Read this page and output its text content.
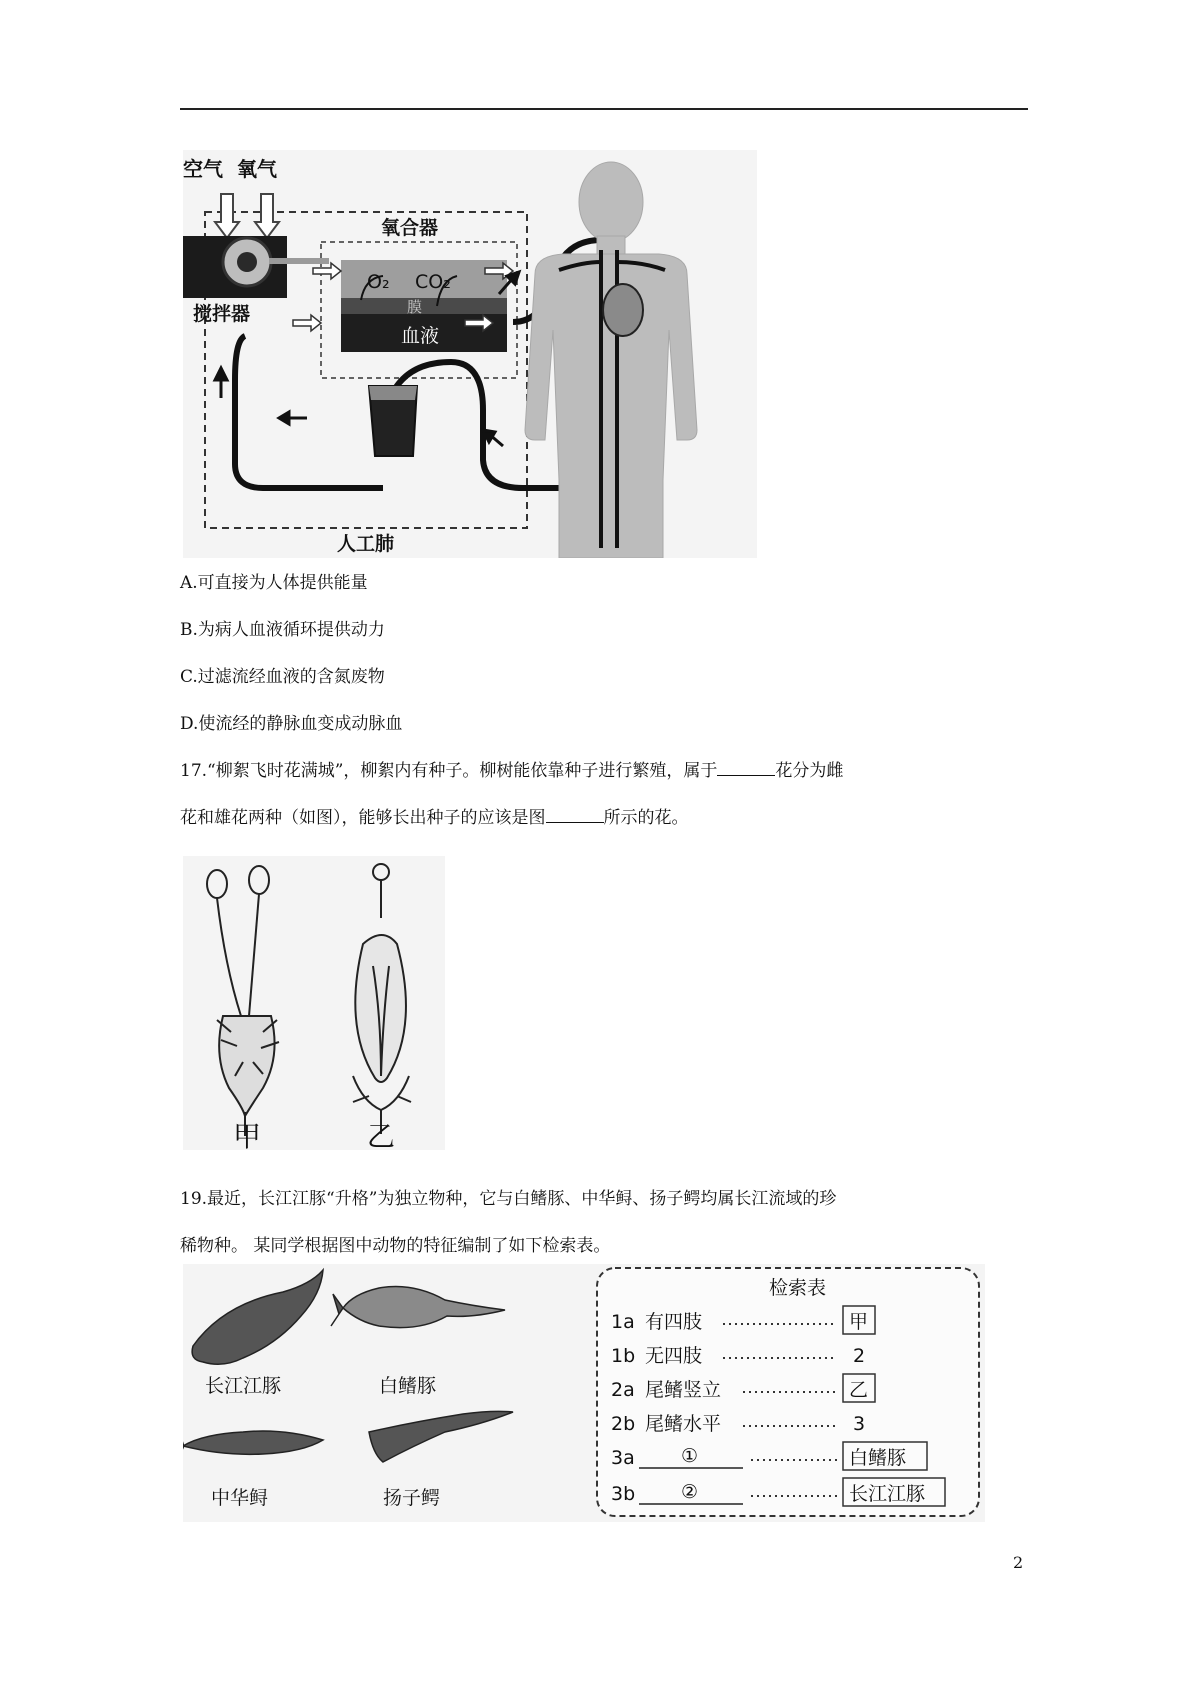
空气 氧气
氧合器
O₂ CO₂
膜
血液
搅拌器
人工肺
A.可直接为人体提供能量
B.为病人血液循环提供动力
C.过滤流经血液的含氮废物
D.使流经的静脉血变成动脉血
17.“柳絮飞时花满城”，柳絮内有种子。柳树能依靠种子进行繁殖，属于	花分为雌
花和雄花两种（如图），能够长出种子的应该是图	所示的花。
甲	乙
19.最近，长江江豚“升格”为独立物种，它与白鳍豚、中华鲟、扬子鳄均属长江流域的珍
稀物种。 某同学根据图中动物的特征编制了如下检索表。
长江江豚	白鳍豚
中华鲟	扬子鳄
检索表
1a 有四肢	甲
1b 无四肢	2
2a 尾鳍竖立	乙
2b 尾鳍水平	3
3a ①	白鳍豚
3b ②	长江江豚
2
